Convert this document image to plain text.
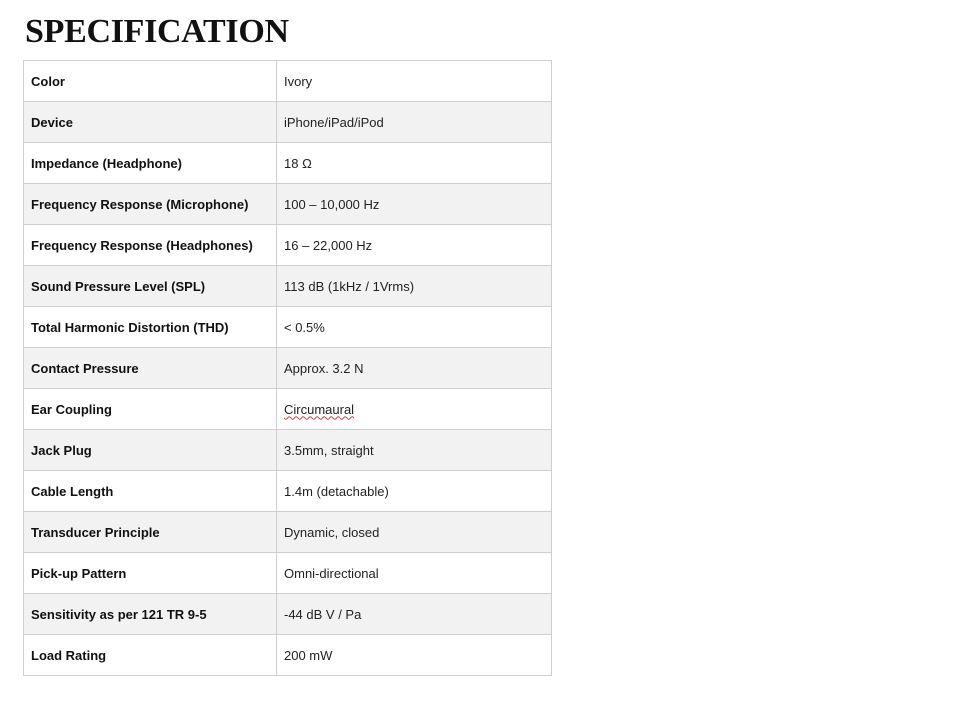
SPECIFICATION
Color	Ivory
Device	iPhone/iPad/iPod
Impedance (Headphone)	18 Ω
Frequency Response (Microphone)	100 – 10,000 Hz
Frequency Response (Headphones)	16 – 22,000 Hz
Sound Pressure Level (SPL)	113 dB (1kHz / 1Vrms)
Total Harmonic Distortion (THD)	< 0.5%
Contact Pressure	Approx. 3.2 N
Ear Coupling	Circumaural
Jack Plug	3.5mm, straight
Cable Length	1.4m (detachable)
Transducer Principle	Dynamic, closed
Pick-up Pattern	Omni-directional
Sensitivity as per 121 TR 9-5	-44 dB V / Pa
Load Rating	200 mW
